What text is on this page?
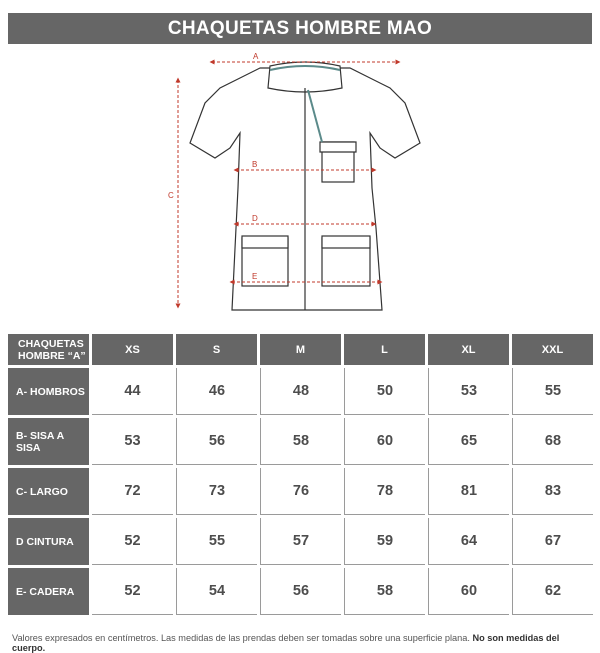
CHAQUETAS HOMBRE MAO
A
B
C
D
E
CHAQUETAS
HOMBRE “A”	XS	S	M	L	XL	XXL
A- HOMBROS	44	46	48	50	53	55
B- SISA A SISA	53	56	58	60	65	68
C- LARGO	72	73	76	78	81	83
D CINTURA	52	55	57	59	64	67
E- CADERA	52	54	56	58	60	62
Valores expresados en centímetros. Las medidas de las prendas deben ser tomadas sobre una superficie plana. No son medidas del cuerpo.
